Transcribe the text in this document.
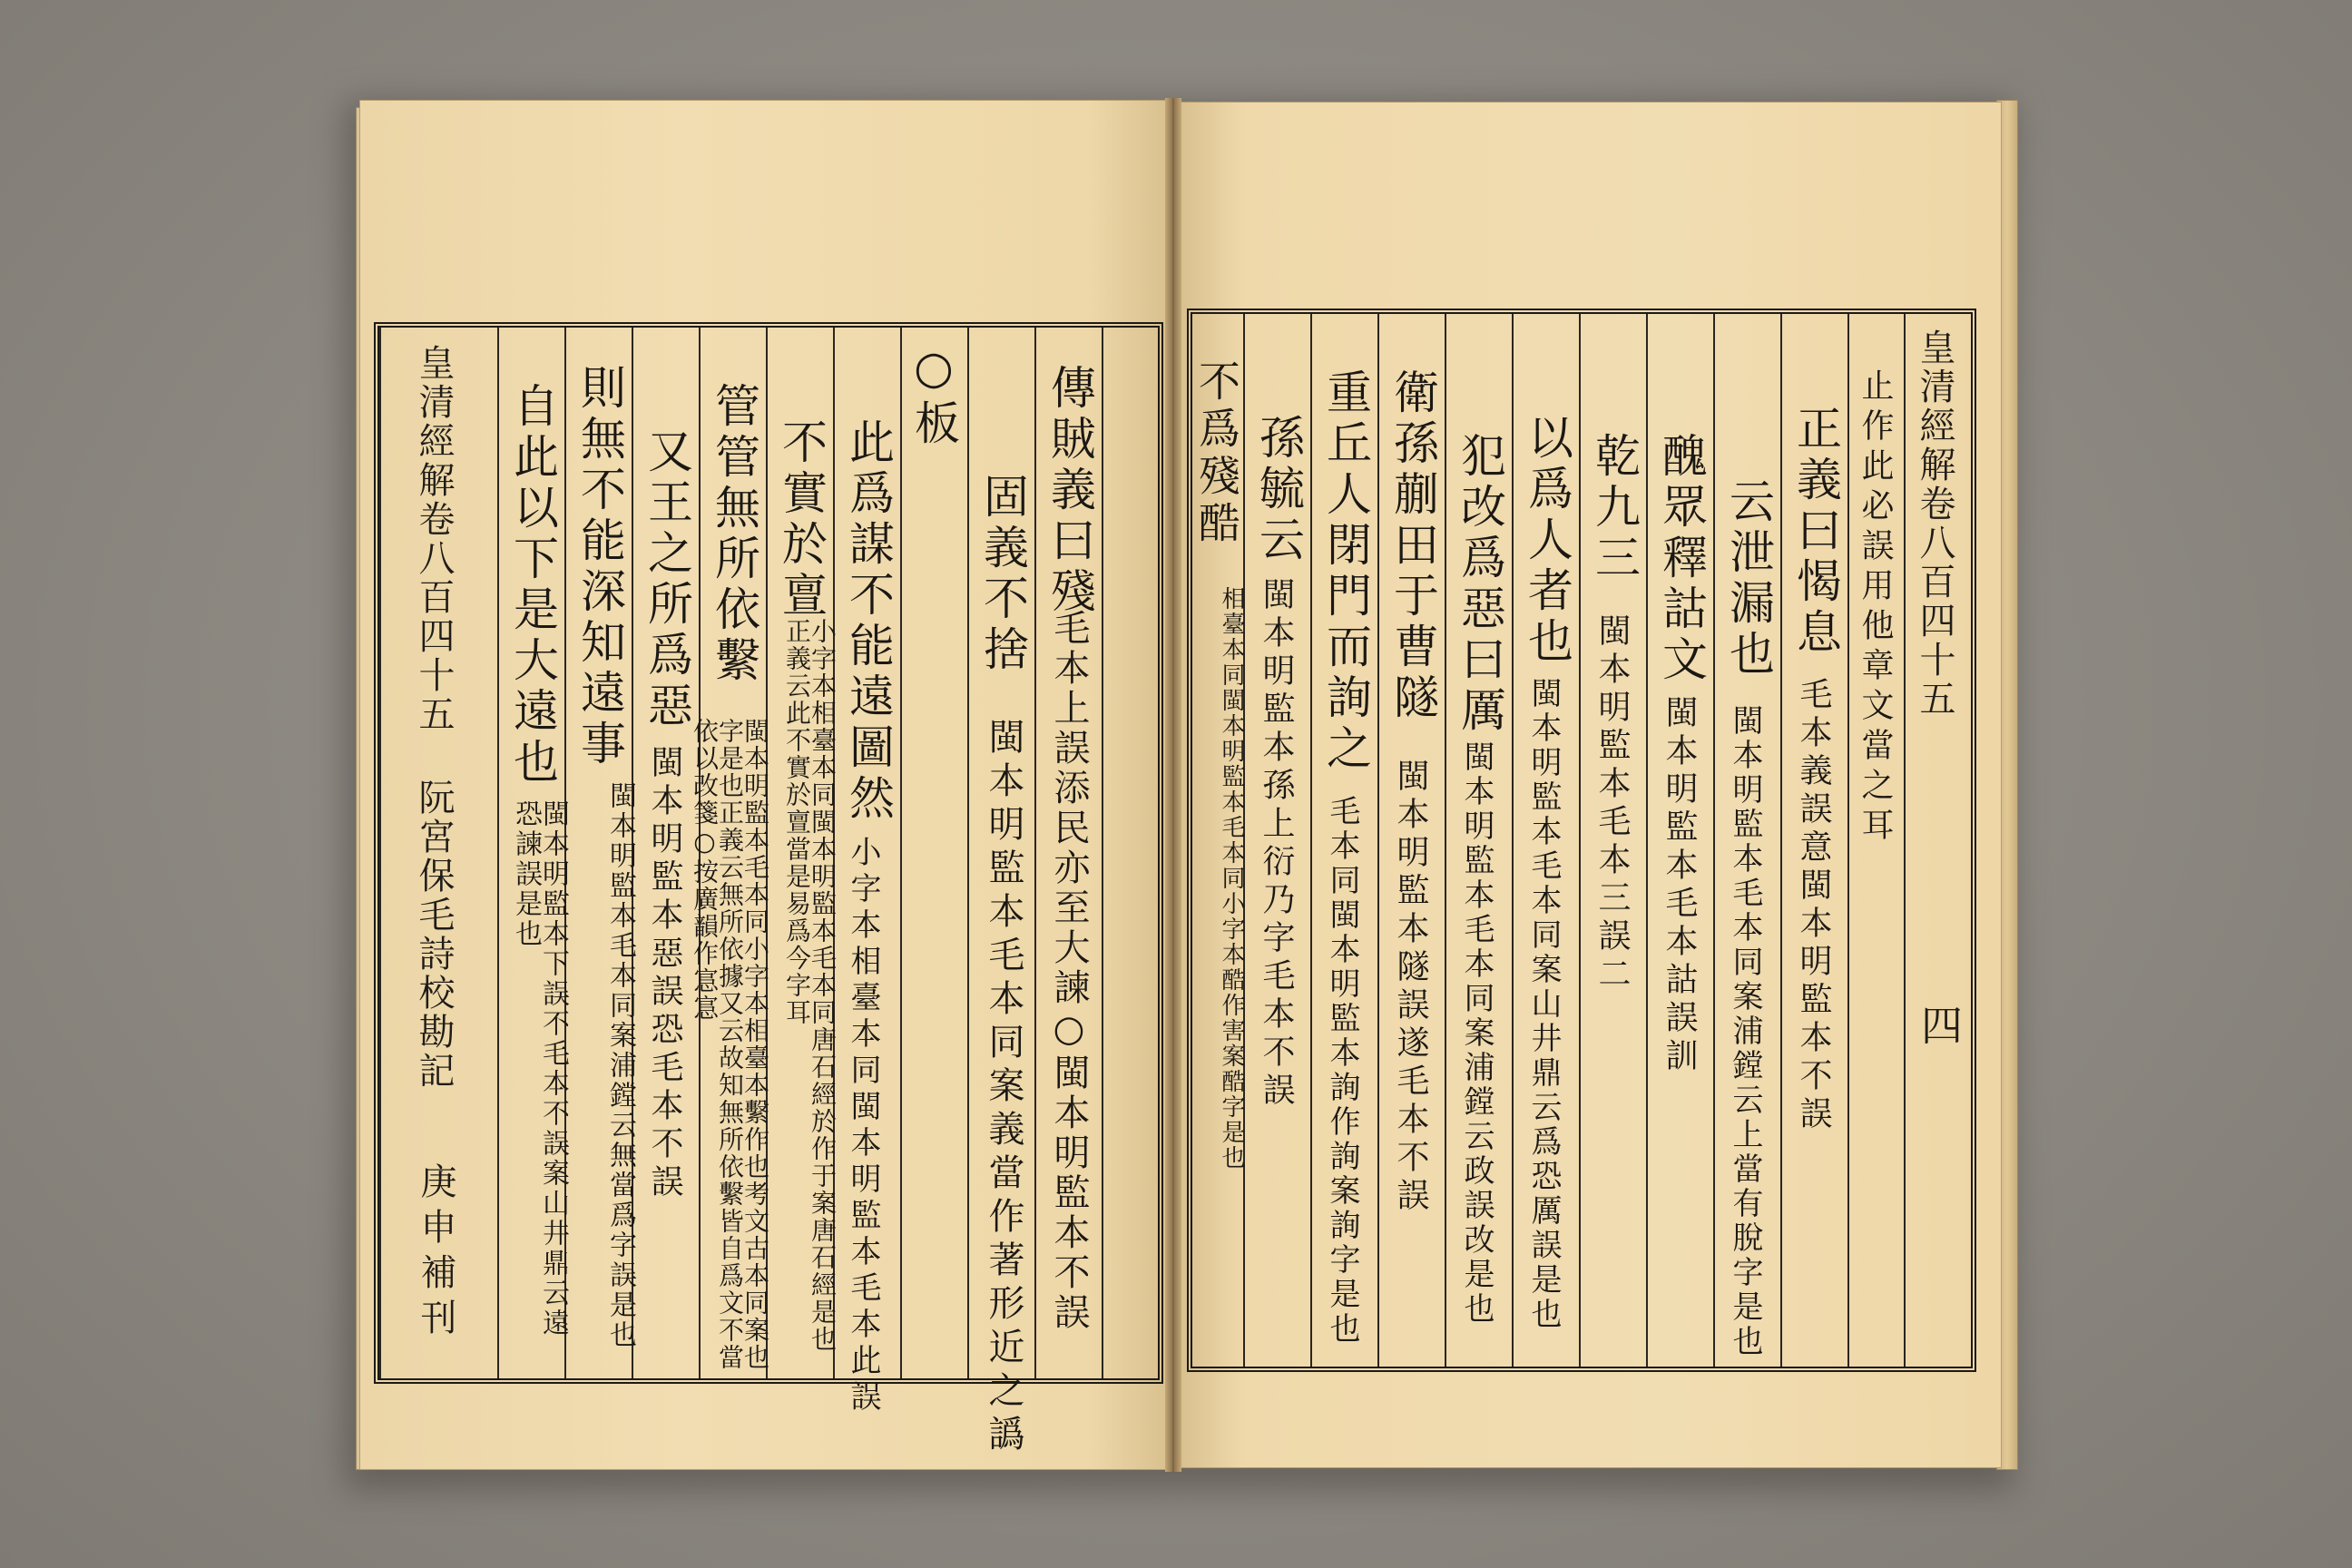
傳賊義曰殘
毛本上誤添民亦至大諫○閩本明監本不誤
固義不捨
閩本明監本毛本同案義當作著形近之譌
○板
此爲謀不能遠圖然
小字本相臺本同閩本明監本毛本此誤
不實於亶
小字本相臺本同閩本明監本毛本同唐石經於作于案唐石經是也正義云此不實於亶當是易爲今字耳
管管無所依繫
閩本明監本毛本同小字本相臺本繫作也考文古本同案也字是也正義云無所依據又云故知無所依繫皆自爲文不當依以改箋○按廣韻作悹悹
又王之所爲惡
閩本明監本惡誤恐毛本不誤
則無不能深知遠事
閩本明監本毛本同案浦鏜云無當爲字誤是也
自此以下是大遠也
閩本明監本下誤不毛本不誤案山井鼎云遠恐諫誤是也
皇清經解卷八百四十五 阮宮保毛詩校勘記
庚申補刊
皇清經解卷八百四十五
四
止作此必誤用他章文當之耳
正義曰愒息
毛本義誤意閩本明監本不誤
云泄漏也
閩本明監本毛本同案浦鏜云上當有脫字是也
醜眾釋詁文
閩本明監本毛本詁誤訓
乾九三
閩本明監本毛本三誤二
以爲人者也
閩本明監本毛本同案山井鼎云爲恐厲誤是也
犯改爲惡曰厲
閩本明監本毛本同案浦鏜云政誤改是也
衛孫蒯田于曹隧
閩本明監本隧誤遂毛本不誤
重丘人閉門而詢之
毛本同閩本明監本詢作詢案詢字是也
孫毓云
閩本明監本孫上衍乃字毛本不誤
不爲殘酷
相臺本同閩本明監本毛本同小字本酷作害案酷字是也
